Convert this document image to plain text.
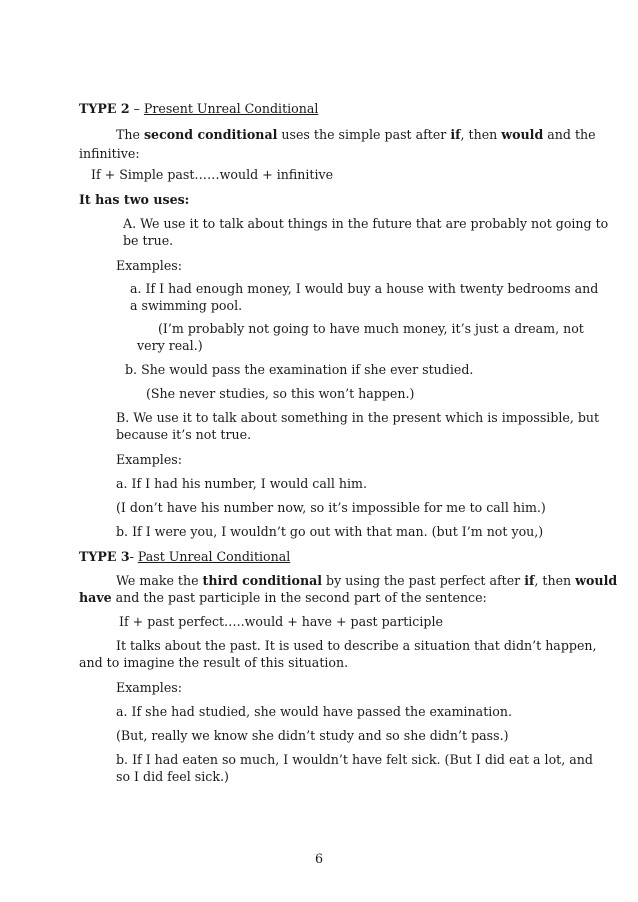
TYPE 2 – Present Unreal Conditional
The second conditional uses the simple past after if, then would and the
infinitive:
If + Simple past……would + infinitive
It has two uses:
A. We use it to talk about things in the future that are probably not going to
be true.
Examples:
a. If I had enough money, I would buy a house with twenty bedrooms and
a swimming pool.
(I’m probably not going to have much money, it’s just a dream, not
very real.)
b. She would pass the examination if she ever studied.
(She never studies, so this won’t happen.)
B. We use it to talk about something in the present which is impossible, but
because it’s not true.
Examples:
a. If I had his number, I would call him.
(I don’t have his number now, so it’s impossible for me to call him.)
b. If I were you, I wouldn’t go out with that man. (but I’m not you,)
TYPE 3- Past Unreal Conditional
We make the third conditional by using the past perfect after if, then would
have and the past participle in the second part of the sentence:
If + past perfect…..would + have + past participle
It talks about the past. It is used to describe a situation that didn’t happen,
and to imagine the result of this situation.
Examples:
a. If she had studied, she would have passed the examination.
(But, really we know she didn’t study and so she didn’t pass.)
b. If I had eaten so much, I wouldn’t have felt sick. (But I did eat a lot, and
so I did feel sick.)
6
